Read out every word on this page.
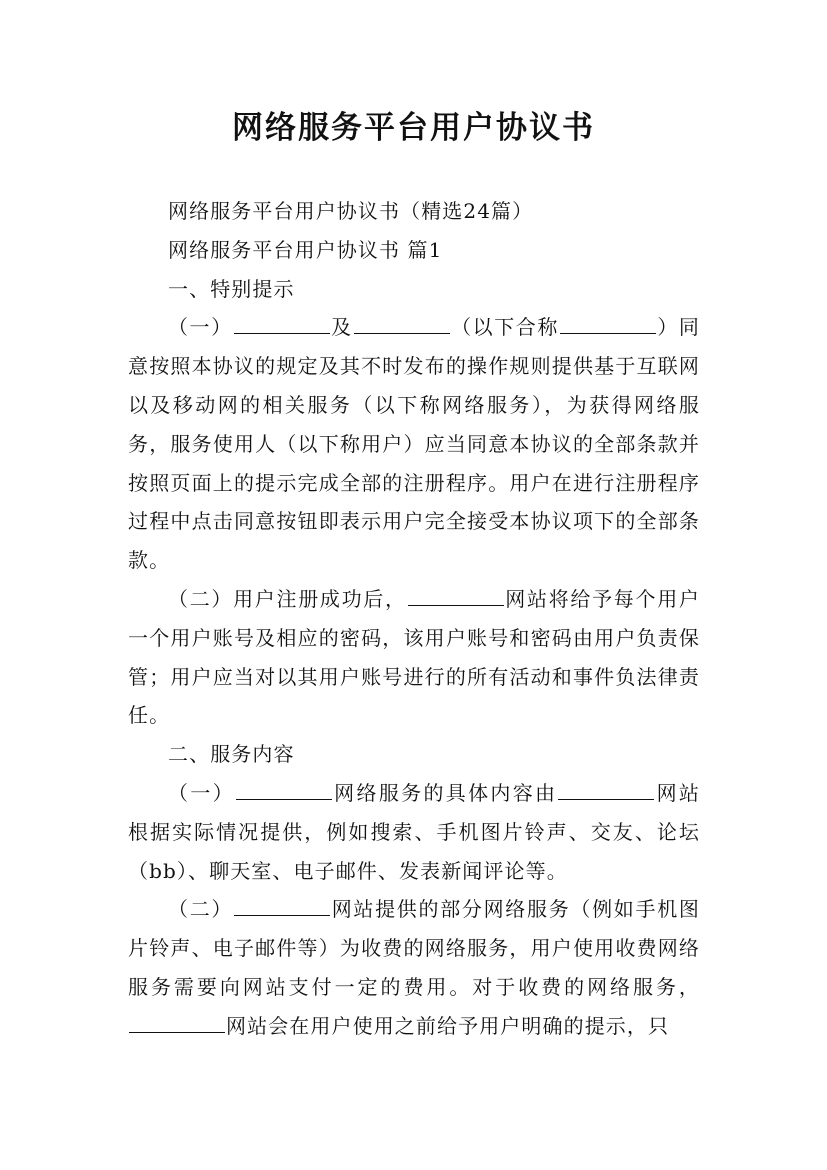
网络服务平台用户协议书

网络服务平台用户协议书（精选24篇）

网络服务平台用户协议书 篇1

一、特别提示

（一）	及	（以下合称	）同意按照本协议的规定及其不时发布的操作规则提供基于互联网以及移动网的相关服务（以下称网络服务），为获得网络服务，服务使用人（以下称用户）应当同意本协议的全部条款并按照页面上的提示完成全部的注册程序。用户在进行注册程序过程中点击同意按钮即表示用户完全接受本协议项下的全部条款。

（二）用户注册成功后，	网站将给予每个用户一个用户账号及相应的密码，该用户账号和密码由用户负责保管；用户应当对以其用户账号进行的所有活动和事件负法律责任。

二、服务内容

（一）	网络服务的具体内容由	网站根据实际情况提供，例如搜索、手机图片铃声、交友、论坛（bb）、聊天室、电子邮件、发表新闻评论等。

（二）	网站提供的部分网络服务（例如手机图片铃声、电子邮件等）为收费的网络服务，用户使用收费网络服务需要向网站支付一定的费用。对于收费的网络服务，网站会在用户使用之前给予用户明确的提示，只
